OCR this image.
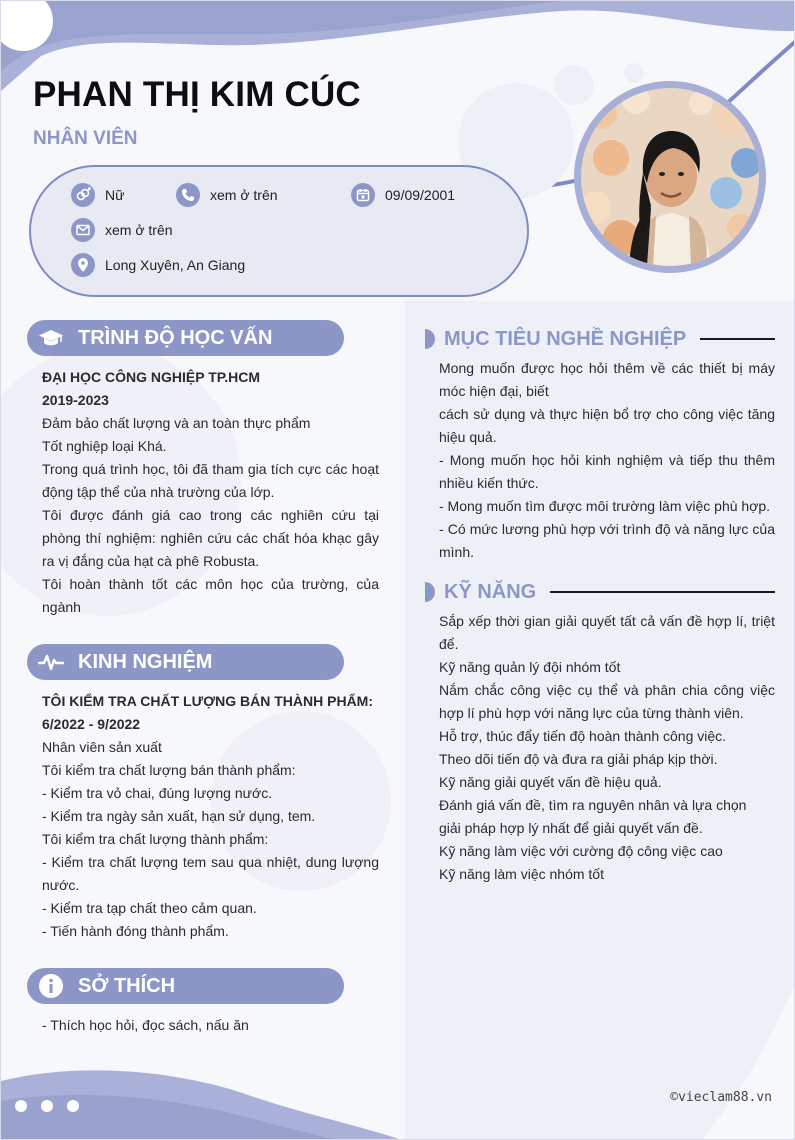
PHAN THỊ KIM CÚC
NHÂN VIÊN
Nữ	xem ở trên	09/09/2001
xem ở trên
Long Xuyên, An Giang
TRÌNH ĐỘ HỌC VẤN

ĐẠI HỌC CÔNG NGHIỆP TP.HCM

2019-2023

Đảm bảo chất lượng và an toàn thực phẩm

Tốt nghiệp loại Khá.

Trong quá trình học, tôi đã tham gia tích cực các hoạt động tập thể của nhà trường của lớp.

Tôi được đánh giá cao trong các nghiên cứu tại phòng thí nghiệm: nghiên cứu các chất hóa khạc gây ra vị đắng của hạt cà phê Robusta.

Tôi hoàn thành tốt các môn học của trường, của ngành

KINH NGHIỆM

TÔI KIỂM TRA CHẤT LƯỢNG BÁN THÀNH PHẨM:

6/2022 - 9/2022

Nhân viên sản xuất

Tôi kiểm tra chất lượng bán thành phẩm:

- Kiểm tra vỏ chai, đúng lượng nước.

- Kiểm tra ngày sản xuất, hạn sử dụng, tem.

Tôi kiểm tra chất lượng thành phẩm:

- Kiểm tra chất lượng tem sau qua nhiệt, dung lượng nước.

- Kiểm tra tạp chất theo cảm quan.

- Tiến hành đóng thành phẩm.

SỞ THÍCH

- Thích học hỏi, đọc sách, nấu ăn

MỤC TIÊU NGHỀ NGHIỆP

Mong muốn được học hỏi thêm về các thiết bị máy móc hiện đại, biết

cách sử dụng và thực hiện bổ trợ cho công việc tăng hiệu quả.

- Mong muốn học hỏi kinh nghiệm và tiếp thu thêm nhiều kiến thức.

- Mong muốn tìm được môi trường làm việc phù hợp.

- Có mức lương phù hợp với trình độ và năng lực của mình.

KỸ NĂNG

Sắp xếp thời gian giải quyết tất cả vấn đề hợp lí, triệt để.

Kỹ năng quản lý đội nhóm tốt

Nắm chắc công việc cụ thể và phân chia công việc hợp lí phù hợp với năng lực của từng thành viên.

Hỗ trợ, thúc đẩy tiến độ hoàn thành công việc.

Theo dõi tiến độ và đưa ra giải pháp kịp thời.

Kỹ năng giải quyết vấn đề hiệu quả.

Đánh giá vấn đề, tìm ra nguyên nhân và lựa chọn

giải pháp hợp lý nhất để giải quyết vấn đề.

Kỹ năng làm việc với cường độ công việc cao

Kỹ năng làm việc nhóm tốt

©vieclam88.vn
